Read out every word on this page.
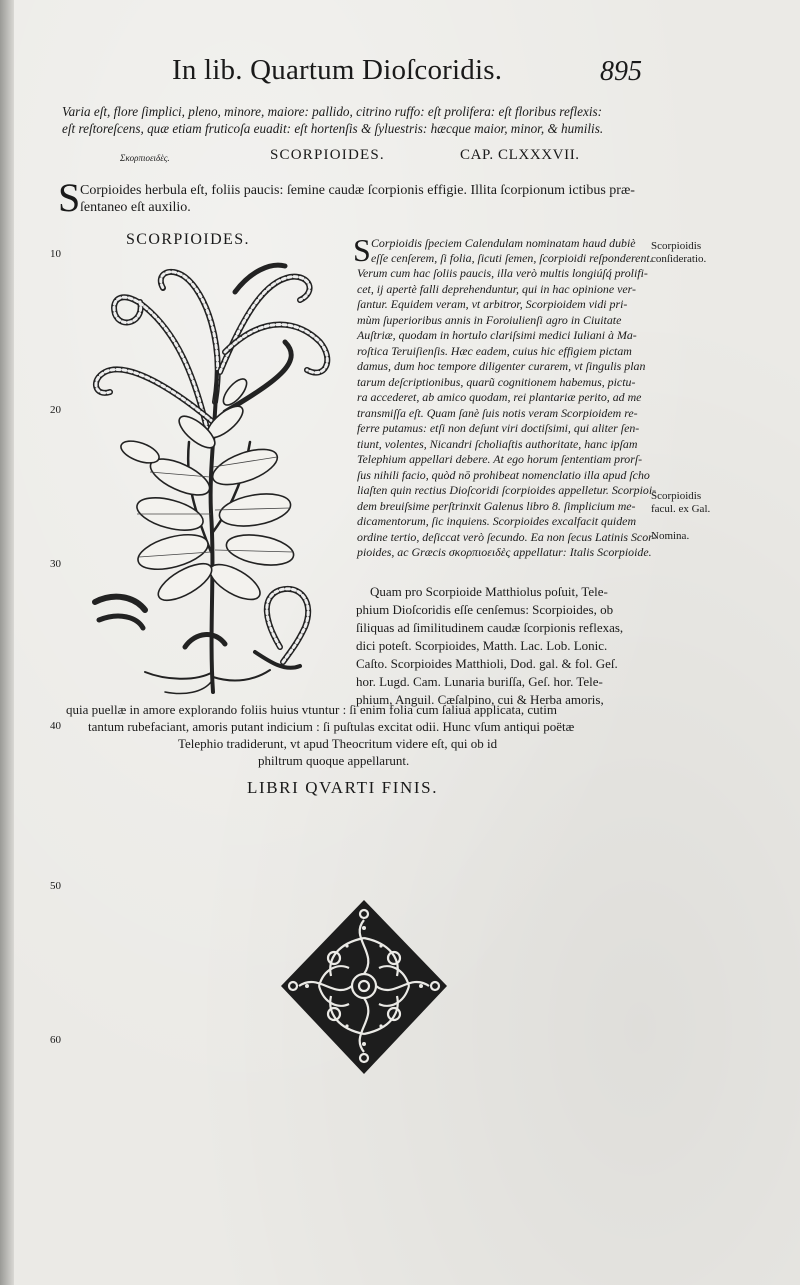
In lib. Quartum Dioſcoridis.	895
Varia eſt, flore ſimplici, pleno, minore, maiore: pallido, citrino ruffo: eſt prolifera: eſt floribus reflexis:
eſt reſtoreſcens, quæ etiam fruticoſa euadit: eſt hortenſis & ſyluestris: hæcque maior, minor, & humilis.
Σκορπιοειδὲς.	SCORPIOIDES.	CAP. CLXXXVII.
S Corpioides herbula eſt, foliis paucis: ſemine caudæ ſcorpionis effigie. Illita ſcorpionum ictibus præ-
ſentaneo eſt auxilio.
SCORPIOIDES.
10
20
30
40
50
60
S Corpioidis ſpeciem Calendulam nominatam haud dubiè
eſſe cenſerem, ſi folia, ſicuti ſemen, ſcorpioidi reſponderent.
Verum cum hac ſoliis paucis, illa verò multis longiúſq́ prolifi-
cet, ij apertè falli deprehenduntur, qui in hac opinione ver-
ſantur. Equidem veram, vt arbitror, Scorpioidem vidi pri-
mùm ſuperioribus annis in Foroiulienſi agro in Ciuitate
Auſtriæ, quodam in hortulo clariſsimi medici Iuliani à Ma-
roſtica Teruiſienſis. Hæc eadem, cuius hic effigiem pictam
damus, dum hoc tempore diligenter curarem, vt ſingulis plan
tarum deſcriptionibus, quarũ cognitionem habemus, pictu-
ra accederet, ab amico quodam, rei plantariæ perito, ad me
transmiſſa eſt. Quam ſanè ſuis notis veram Scorpioidem re-
ferre putamus: etſi non deſunt viri doctiſsimi, qui aliter ſen-
tiunt, volentes, Nicandri ſcholiaſtis authoritate, hanc ipſam
Telephium appellari debere. At ego horum ſententiam prorſ-
ſus nihili facio, quòd nō prohibeat nomenclatio illa apud ſcho
liaſten quin rectius Dioſcoridi ſcorpioides appelletur. Scorpioi-
dem breuiſsime perſtrinxit Galenus libro 8. ſimplicium me-
dicamentorum, ſic inquiens. Scorpioides excalfacit quidem
ordine tertio, deſiccat verò ſecundo. Ea non ſecus Latinis Scor-
pioides, ac Græcis σκορπιοειδὲς appellatur: Italis Scorpioide.
Scorpioidis
conſideratio.
Scorpioidis
facul. ex Gal.
Nomina.
Quam pro Scorpioide Matthiolus poſuit, Tele-
phium Dioſcoridis eſſe cenſemus: Scorpioides, ob
ſiliquas ad ſimilitudinem caudæ ſcorpionis reflexas,
dici poteſt. Scorpioides, Matth. Lac. Lob. Lonic.
Caſto. Scorpioides Matthioli, Dod. gal. & fol. Geſ.
hor. Lugd. Cam. Lunaria buriſſa, Geſ. hor. Tele-
phium, Anguil. Cæſalpino, cui & Herba amoris,
quia puellæ in amore explorando foliis huius vtuntur : ſi enim folia cum ſaliua applicata, cutim
tantum rubefaciant, amoris putant indicium : ſi puſtulas excitat odii. Hunc vſum antiqui poëtæ
Telephio tradiderunt, vt apud Theocritum videre eſt, qui ob id
philtrum quoque appellarunt.
LIBRI QVARTI FINIS.
